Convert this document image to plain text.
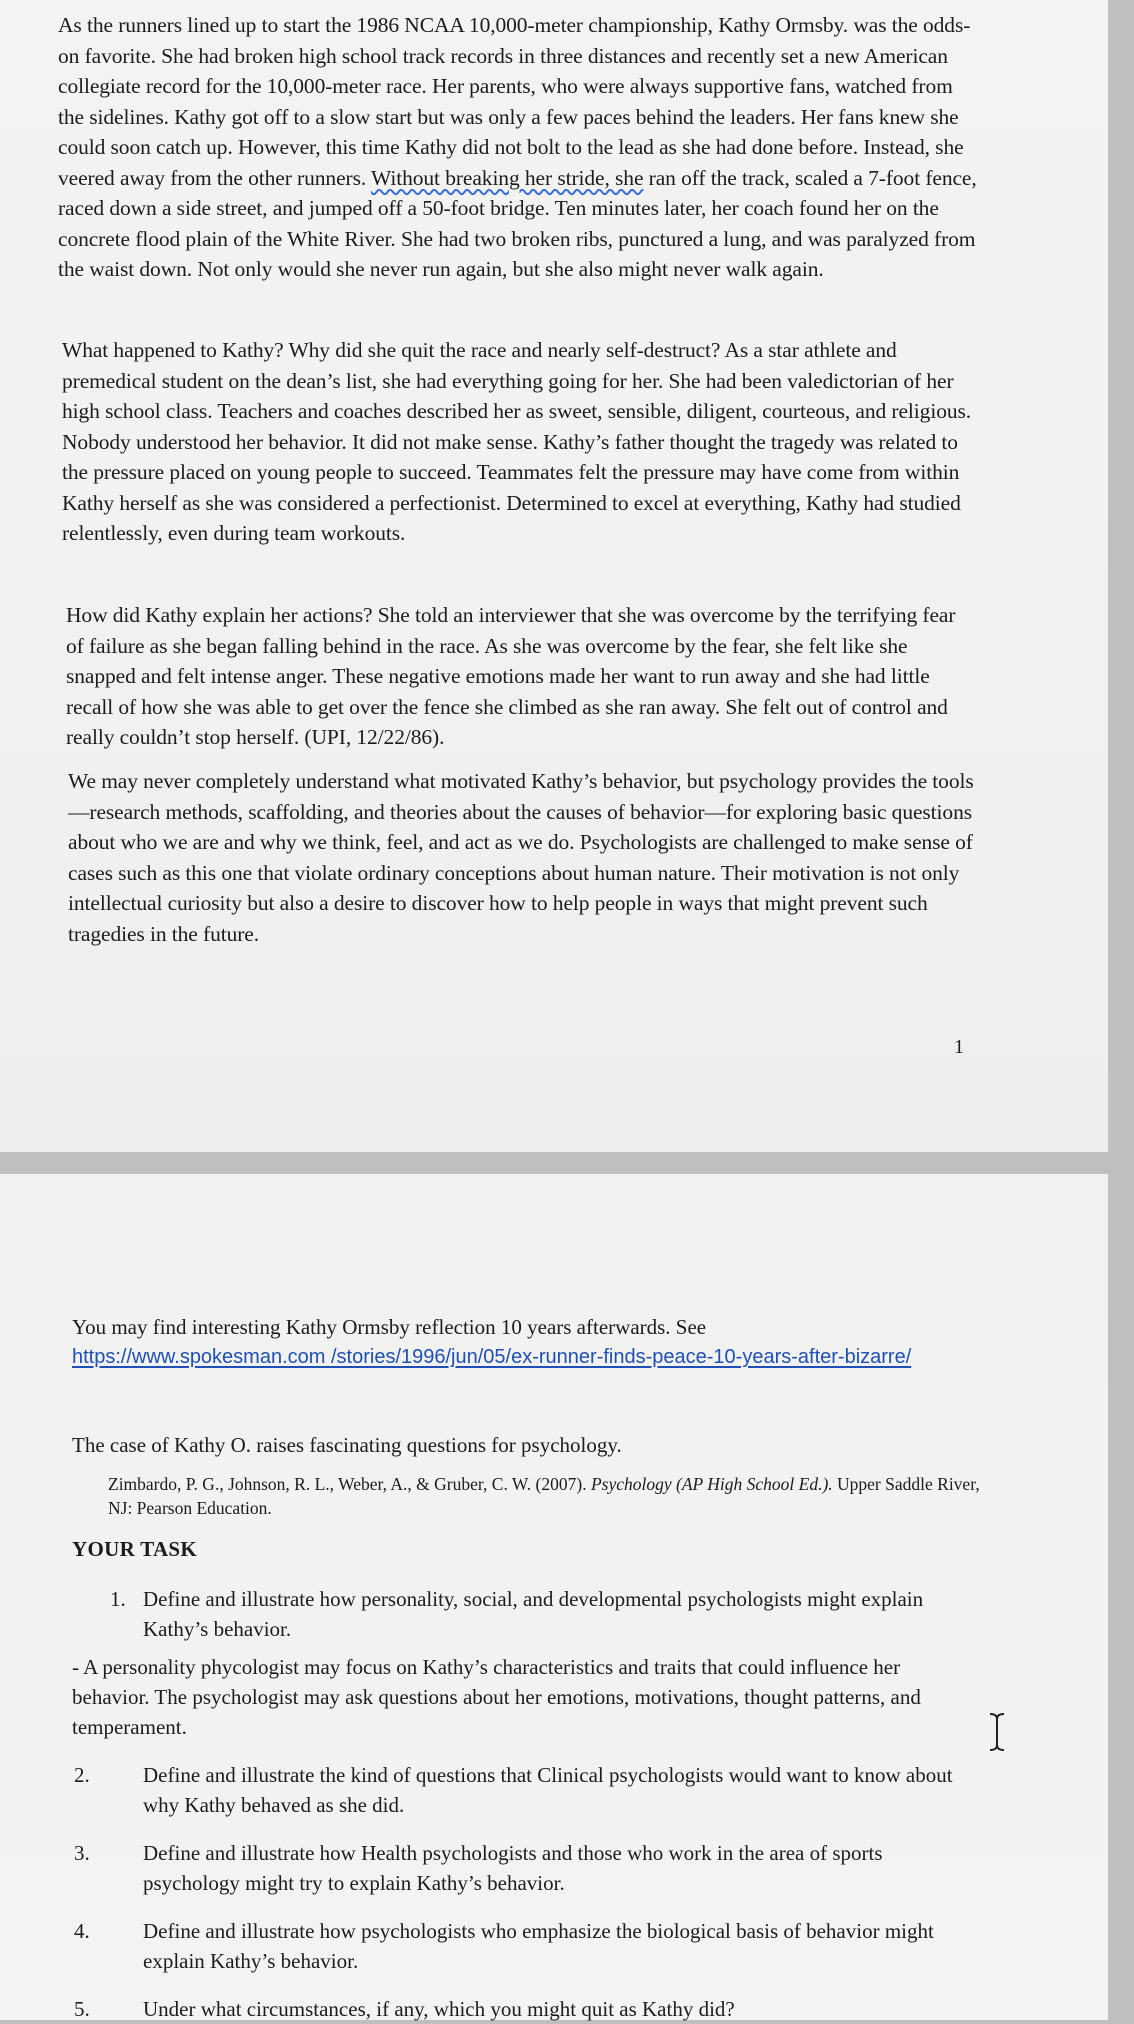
As the runners lined up to start the 1986 NCAA 10,000-meter championship, Kathy Ormsby. was the odds-on favorite. She had broken high school track records in three distances and recently set a new American collegiate record for the 10,000-meter race. Her parents, who were always supportive fans, watched from the sidelines. Kathy got off to a slow start but was only a few paces behind the leaders. Her fans knew she could soon catch up. However, this time Kathy did not bolt to the lead as she had done before. Instead, she veered away from the other runners. Without breaking her stride, she ran off the track, scaled a 7-foot fence, raced down a side street, and jumped off a 50-foot bridge. Ten minutes later, her coach found her on the concrete flood plain of the White River. She had two broken ribs, punctured a lung, and was paralyzed from the waist down. Not only would she never run again, but she also might never walk again.

What happened to Kathy? Why did she quit the race and nearly self-destruct? As a star athlete and premedical student on the dean’s list, she had everything going for her. She had been valedictorian of her high school class. Teachers and coaches described her as sweet, sensible, diligent, courteous, and religious. Nobody understood her behavior. It did not make sense. Kathy’s father thought the tragedy was related to the pressure placed on young people to succeed. Teammates felt the pressure may have come from within Kathy herself as she was considered a perfectionist. Determined to excel at everything, Kathy had studied relentlessly, even during team workouts.

How did Kathy explain her actions? She told an interviewer that she was overcome by the terrifying fear of failure as she began falling behind in the race. As she was overcome by the fear, she felt like she snapped and felt intense anger. These negative emotions made her want to run away and she had little recall of how she was able to get over the fence she climbed as she ran away. She felt out of control and really couldn’t stop herself. (UPI, 12/22/86).

We may never completely understand what motivated Kathy’s behavior, but psychology provides the tools—research methods, scaffolding, and theories about the causes of behavior—for exploring basic questions about who we are and why we think, feel, and act as we do. Psychologists are challenged to make sense of cases such as this one that violate ordinary conceptions about human nature. Their motivation is not only intellectual curiosity but also a desire to discover how to help people in ways that might prevent such tragedies in the future.

1

You may find interesting Kathy Ormsby reflection 10 years afterwards. See

https://www.spokesman.com /stories/1996/jun/05/ex-runner-finds-peace-10-years-after-bizarre/

The case of Kathy O. raises fascinating questions for psychology.

Zimbardo, P. G., Johnson, R. L., Weber, A., & Gruber, C. W. (2007). Psychology (AP High School Ed.). Upper Saddle River, NJ: Pearson Education.

YOUR TASK

1. Define and illustrate how personality, social, and developmental psychologists might explain Kathy’s behavior.

- A personality phycologist may focus on Kathy’s characteristics and traits that could influence her behavior. The psychologist may ask questions about her emotions, motivations, thought patterns, and temperament.

2.	Define and illustrate the kind of questions that Clinical psychologists would want to know about why Kathy behaved as she did.

3.	Define and illustrate how Health psychologists and those who work in the area of sports psychology might try to explain Kathy’s behavior.

4.	Define and illustrate how psychologists who emphasize the biological basis of behavior might explain Kathy’s behavior.

5.	Under what circumstances, if any, which you might quit as Kathy did?
